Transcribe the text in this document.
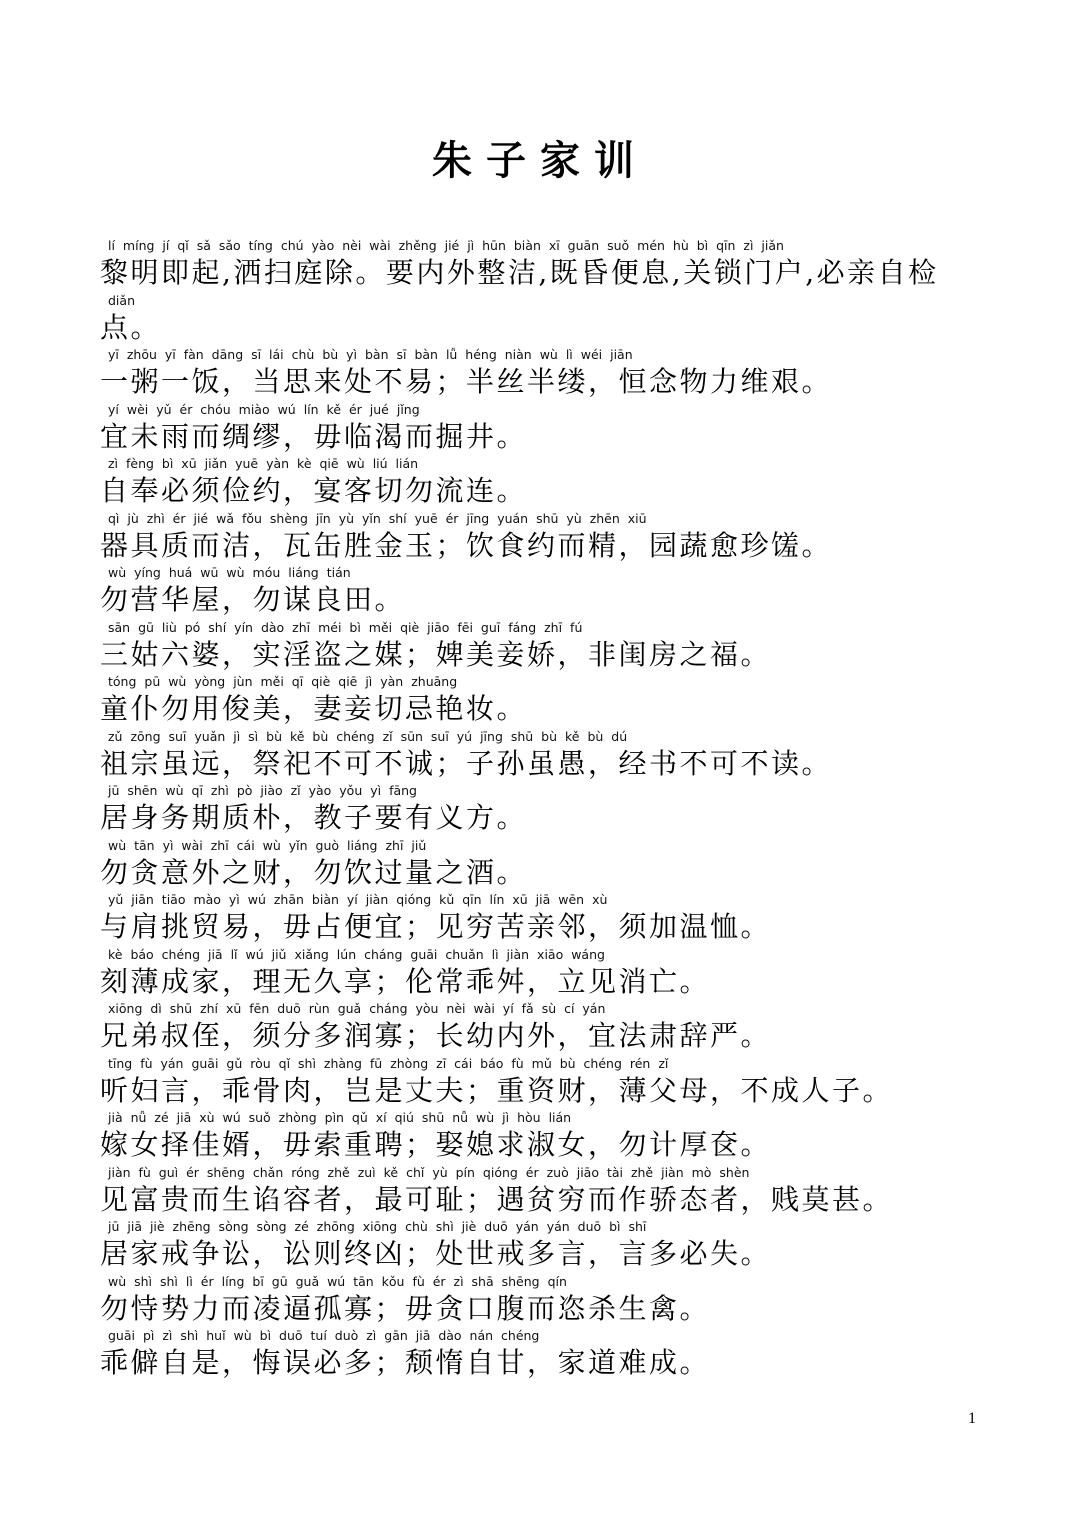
朱子家训
lí míng jí qǐ sǎ sǎo tíng chú yào nèi wài zhěng jié jì hūn biàn xī guān suǒ mén hù bì qīn zì jiǎn
黎明即起,洒扫庭除。要内外整洁,既昏便息,关锁门户,必亲自检
diǎn
点。
yī zhōu yī fàn dāng sī lái chù bù yì bàn sī bàn lǚ héng niàn wù lì wéi jiān
一粥一饭，当思来处不易；半丝半缕，恒念物力维艰。
yí wèi yǔ ér chóu miào wú lín kě ér jué jǐng
宜未雨而绸缪，毋临渴而掘井。
zì fèng bì xū jiǎn yuē yàn kè qiē wù liú lián
自奉必须俭约，宴客切勿流连。
qì jù zhì ér jié wǎ fǒu shèng jīn yù yǐn shí yuē ér jīng yuán shū yù zhēn xiū
器具质而洁，瓦缶胜金玉；饮食约而精，园蔬愈珍馐。
wù yíng huá wū wù móu liáng tián
勿营华屋，勿谋良田。
sān gū liù pó shí yín dào zhī méi bì měi qiè jiāo fēi guī fáng zhī fú
三姑六婆，实淫盗之媒；婢美妾娇，非闺房之福。
tóng pū wù yòng jùn měi qī qiè qiē jì yàn zhuāng
童仆勿用俊美，妻妾切忌艳妆。
zǔ zōng suī yuǎn jì sì bù kě bù chéng zǐ sūn suī yú jīng shū bù kě bù dú
祖宗虽远，祭祀不可不诚；子孙虽愚，经书不可不读。
jū shēn wù qī zhì pò jiào zǐ yào yǒu yì fāng
居身务期质朴，教子要有义方。
wù tān yì wài zhī cái wù yǐn guò liáng zhī jiǔ
勿贪意外之财，勿饮过量之酒。
yǔ jiān tiāo mào yì wú zhān biàn yí jiàn qióng kǔ qīn lín xū jiā wēn xù
与肩挑贸易，毋占便宜；见穷苦亲邻，须加温恤。
kè báo chéng jiā lǐ wú jiǔ xiǎng lún cháng guāi chuǎn lì jiàn xiāo wáng
刻薄成家，理无久享；伦常乖舛，立见消亡。
xiōng dì shū zhí xū fēn duō rùn guǎ cháng yòu nèi wài yí fǎ sù cí yán
兄弟叔侄，须分多润寡；长幼内外，宜法肃辞严。
tīng fù yán guāi gǔ ròu qǐ shì zhàng fū zhòng zī cái báo fù mǔ bù chéng rén zǐ
听妇言，乖骨肉，岂是丈夫；重资财，薄父母，不成人子。
jià nǚ zé jiā xù wú suǒ zhòng pìn qǔ xí qiú shū nǚ wù jì hòu lián
嫁女择佳婿，毋索重聘；娶媳求淑女，勿计厚奁。
jiàn fù guì ér shēng chǎn róng zhě zuì kě chǐ yù pín qióng ér zuò jiāo tài zhě jiàn mò shèn
见富贵而生谄容者，最可耻；遇贫穷而作骄态者，贱莫甚。
jū jiā jiè zhēng sòng sòng zé zhōng xiōng chù shì jiè duō yán yán duō bì shī
居家戒争讼，讼则终凶；处世戒多言，言多必失。
wù shì shì lì ér líng bī gū guǎ wú tān kǒu fù ér zì shā shēng qín
勿恃势力而凌逼孤寡；毋贪口腹而恣杀生禽。
guāi pì zì shì huǐ wù bì duō tuí duò zì gān jiā dào nán chéng
乖僻自是，悔误必多；颓惰自甘，家道难成。
1
